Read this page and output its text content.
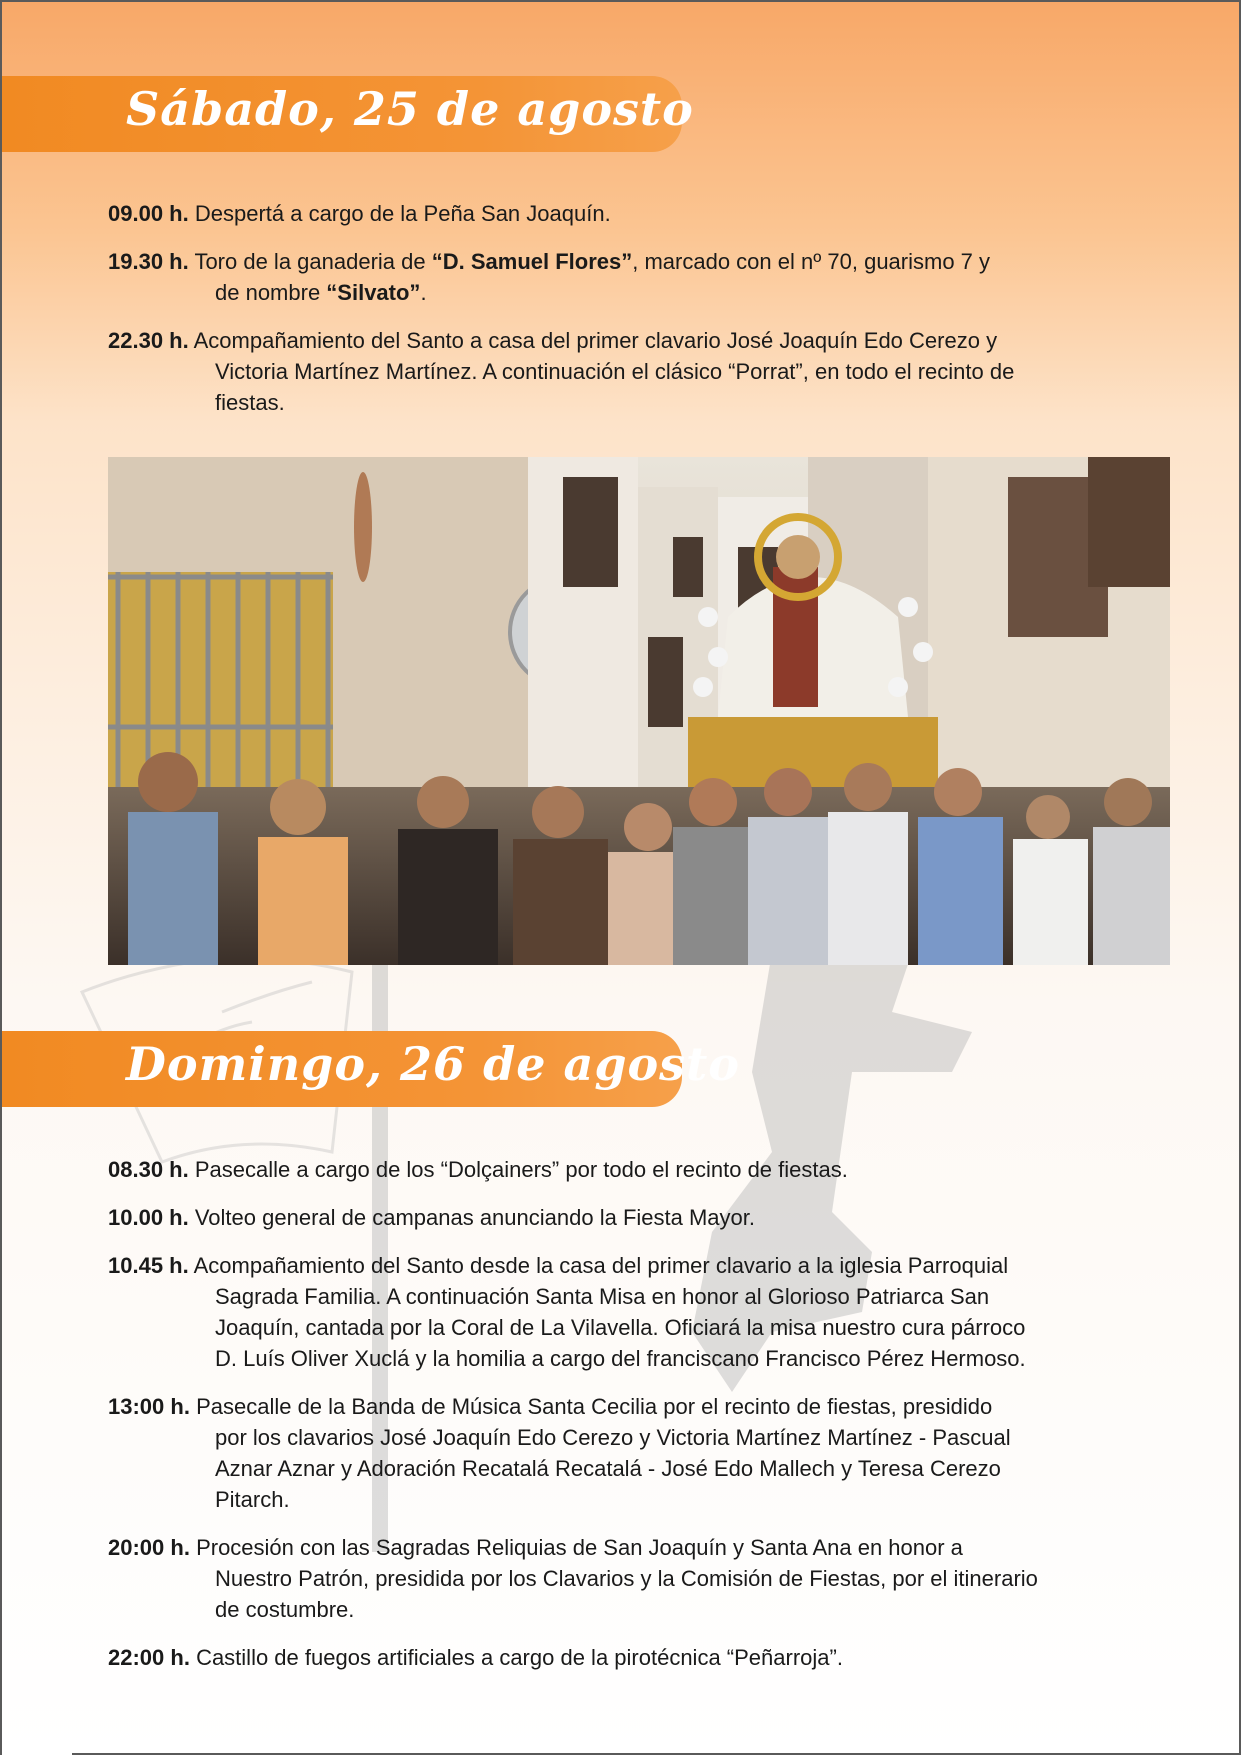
Sábado, 25 de agosto
09.00 h. Despertá a cargo de la Peña San Joaquín.
19.30 h. Toro de la ganaderia de “D. Samuel Flores”, marcado con el nº 70, guarismo 7 y
de nombre “Silvato”.
22.30 h. Acompañamiento del Santo a casa del primer clavario José Joaquín Edo Cerezo y
Victoria Martínez Martínez. A continuación el clásico “Porrat”, en todo el recinto de
fiestas.
Domingo, 26 de agosto
08.30 h. Pasecalle a cargo de los “Dolçainers” por todo el recinto de fiestas.
10.00 h. Volteo general de campanas anunciando la Fiesta Mayor.
10.45 h. Acompañamiento del Santo desde la casa del primer clavario a la iglesia Parroquial
Sagrada Familia. A continuación Santa Misa en honor al Glorioso Patriarca San
Joaquín, cantada por la Coral de La Vilavella. Oficiará la misa nuestro cura párroco
D. Luís Oliver Xuclá y la homilia a cargo del franciscano Francisco Pérez Hermoso.
13:00 h. Pasecalle de la Banda de Música Santa Cecilia por el recinto de fiestas, presidido
por los clavarios José Joaquín Edo Cerezo y Victoria Martínez Martínez - Pascual
Aznar Aznar y Adoración Recatalá Recatalá - José Edo Mallech y Teresa Cerezo
Pitarch.
20:00 h. Procesión con las Sagradas Reliquias de San Joaquín y Santa Ana en honor a
Nuestro Patrón, presidida por los Clavarios y la Comisión de Fiestas, por el itinerario
de costumbre.
22:00 h. Castillo de fuegos artificiales a cargo de la pirotécnica “Peñarroja”.
